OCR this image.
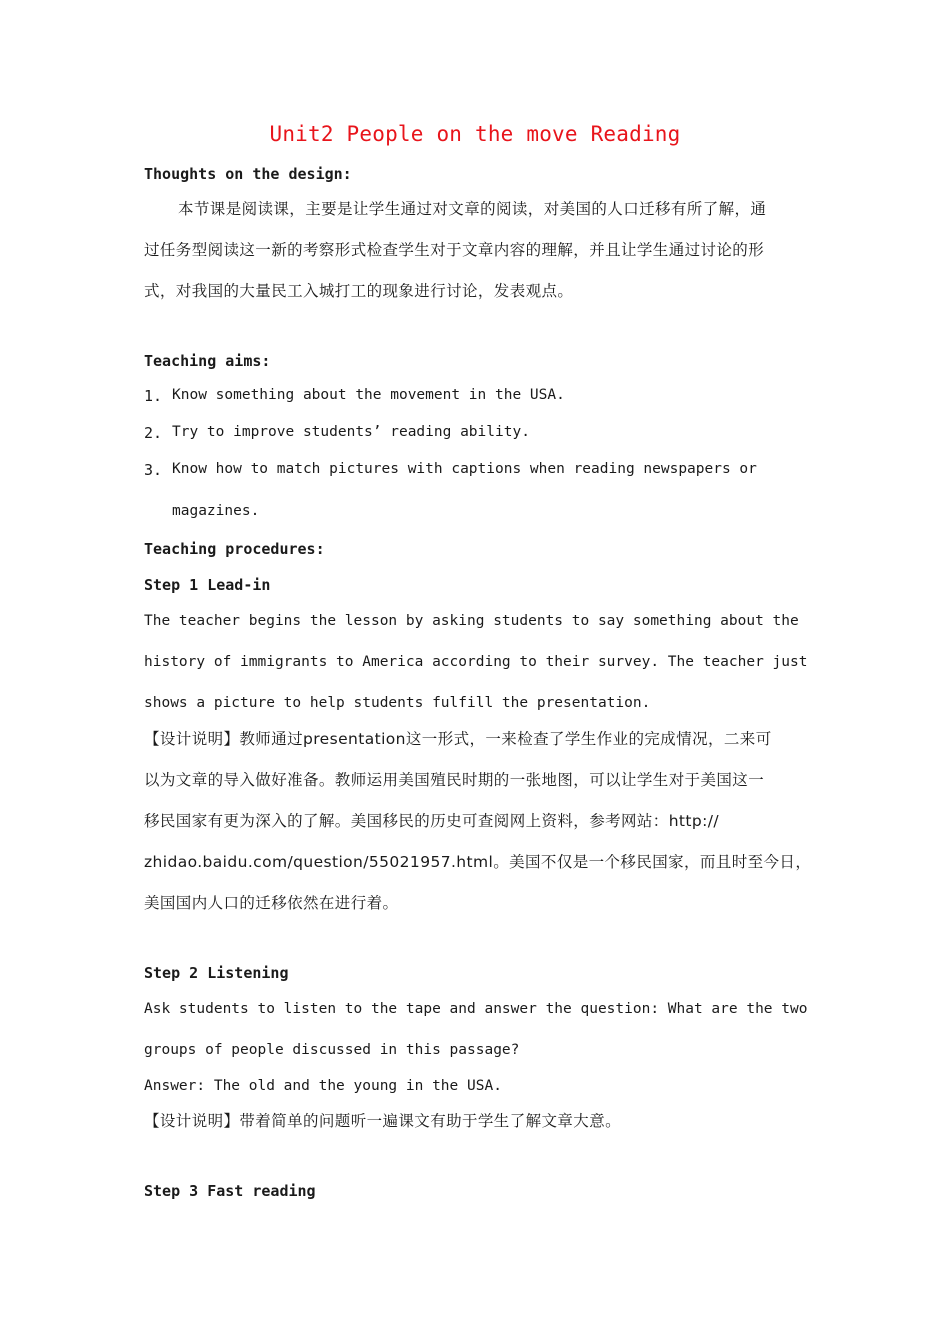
Unit2 People on the move Reading
Thoughts on the design:
本节课是阅读课，主要是让学生通过对文章的阅读，对美国的人口迁移有所了解，通
过任务型阅读这一新的考察形式检查学生对于文章内容的理解，并且让学生通过讨论的形
式，对我国的大量民工入城打工的现象进行讨论，发表观点。
Teaching aims:
1. Know something about the movement in the USA.
2. Try to improve students’ reading ability.
3. Know how to match pictures with captions when reading newspapers or
magazines.
Teaching procedures:
Step 1 Lead-in
The teacher begins the lesson by asking students to say something about the
history of immigrants to America according to their survey. The teacher just
shows a picture to help students fulfill the presentation.
【设计说明】教师通过presentation这一形式，一来检查了学生作业的完成情况，二来可
以为文章的导入做好准备。教师运用美国殖民时期的一张地图，可以让学生对于美国这一
移民国家有更为深入的了解。美国移民的历史可查阅网上资料，参考网站：http://
zhidao.baidu.com/question/55021957.html。美国不仅是一个移民国家，而且时至今日，
美国国内人口的迁移依然在进行着。
Step 2 Listening
Ask students to listen to the tape and answer the question: What are the two
groups of people discussed in this passage?
Answer: The old and the young in the USA.
【设计说明】带着简单的问题听一遍课文有助于学生了解文章大意。
Step 3 Fast reading
